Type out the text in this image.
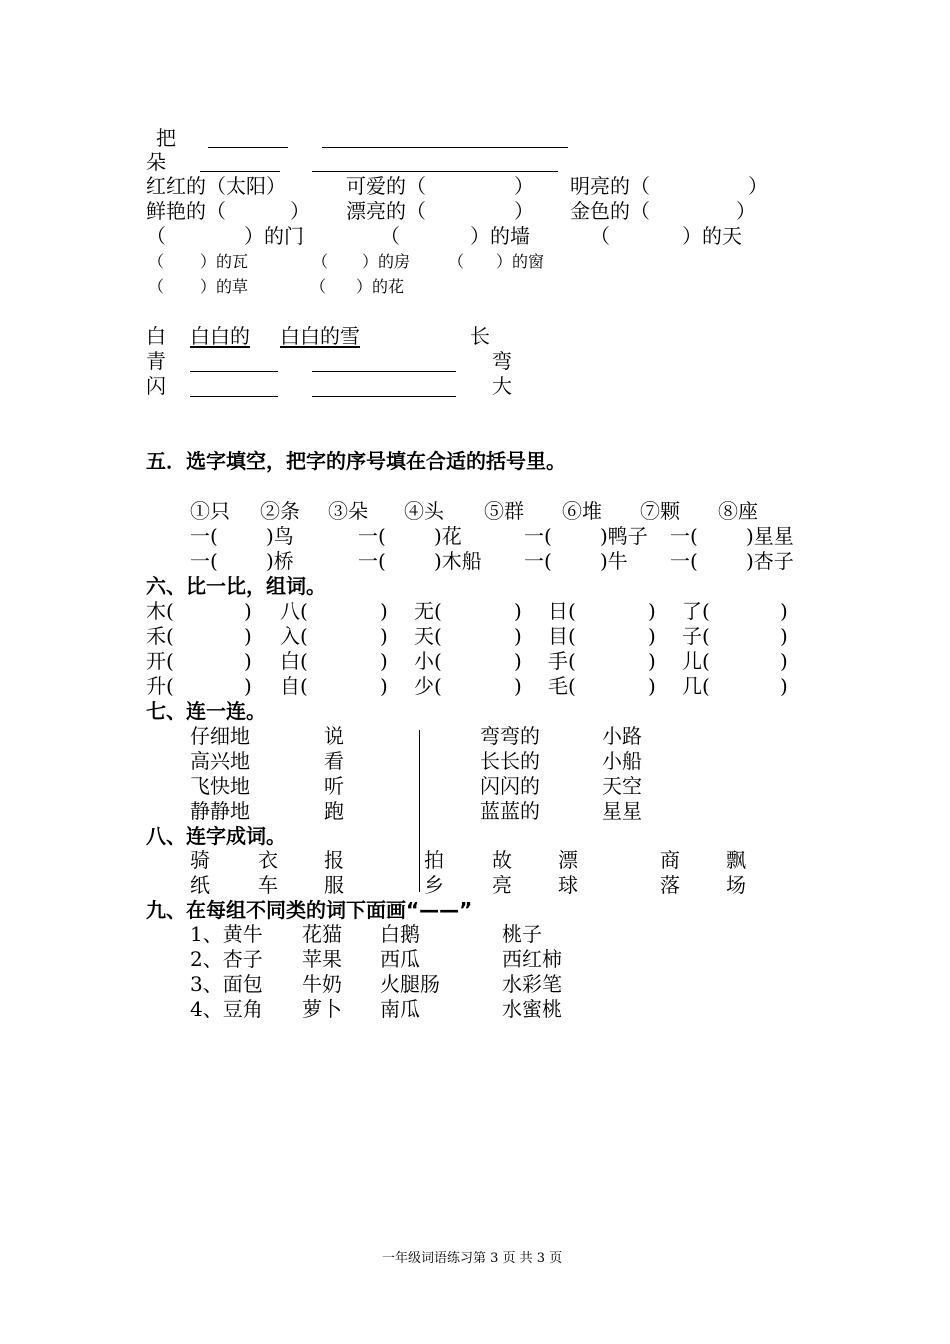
把
朵
红红的（太阳）	可爱的（	） 明亮的（	）
鲜艳的（	） 漂亮的（	） 金色的（	）
（	）的门	（	）的墙	（	）的天
（ ）的瓦	（ ）的房 （ ）的窗
（ ）的草	（ ）的花
白 白白的 白白的雪	长
青	弯
闪	大
五．选字填空，把字的序号填在合适的括号里。
①只 ②条 ③朵 ④头 ⑤群 ⑥堆 ⑦颗 ⑧座
一( )鸟	一( )花	一( )鸭子 一( )星星
一( )桥	一( )木船 一( )牛 一( )杏子
六、比一比，组词。
木(	) 八(	) 无(	) 日(	) 了(	)
禾(	) 入(	) 天(	) 目(	) 子(	)
开(	) 白(	) 小(	) 手(	) 儿(	)
升(	) 自(	) 少(	) 毛(	) 几(	)
七、连一连。
仔细地	说	弯弯的	小路
高兴地	看	长长的	小船
飞快地	听	闪闪的	天空
静静地	跑	蓝蓝的	星星
八、连字成词。
骑 衣 报	拍 故 漂	商 飘
纸 车 服	乡 亮 球	落 场
九、在每组不同类的词下面画“——”
1、黄牛 花猫 白鹅	桃子
2、杏子 苹果 西瓜	西红柿
3、面包 牛奶 火腿肠	水彩笔
4、豆角 萝卜 南瓜	水蜜桃
一年级词语练习第 3 页 共 3 页
